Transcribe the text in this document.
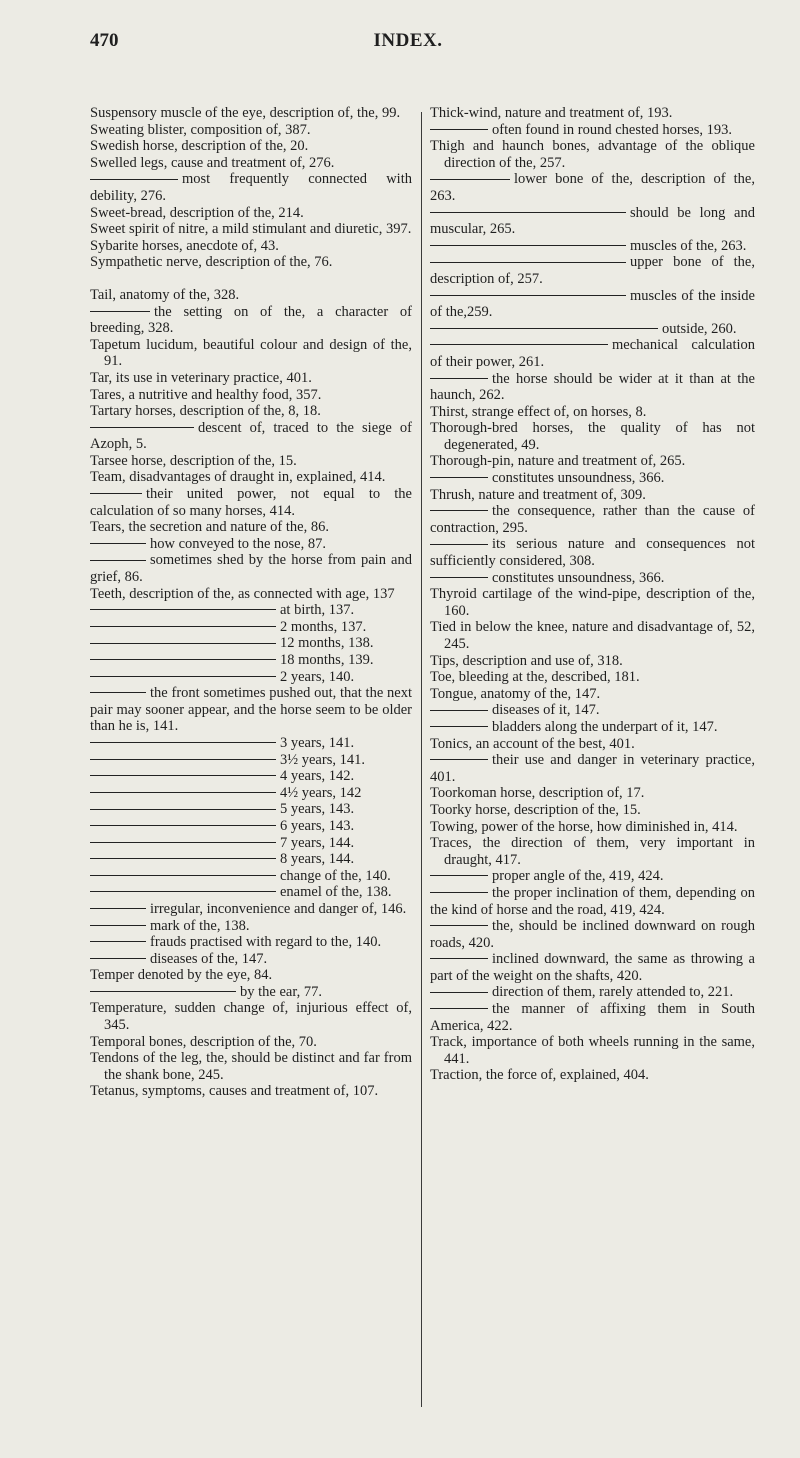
470	INDEX.

Suspensory muscle of the eye, description of, the, 99.

Sweating blister, composition of, 387.

Swedish horse, description of the, 20.

Swelled legs, cause and treatment of, 276.

most frequently connected with debility, 276.

Sweet-bread, description of the, 214.

Sweet spirit of nitre, a mild stimulant and diuretic, 397.

Sybarite horses, anecdote of, 43.

Sympathetic nerve, description of the, 76.

Tail, anatomy of the, 328.

the setting on of the, a character of breeding, 328.

Tapetum lucidum, beautiful colour and design of the, 91.

Tar, its use in veterinary practice, 401.

Tares, a nutritive and healthy food, 357.

Tartary horses, description of the, 8, 18.

descent of, traced to the siege of Azoph, 5.

Tarsee horse, description of the, 15.

Team, disadvantages of draught in, explained, 414.

their united power, not equal to the calculation of so many horses, 414.

Tears, the secretion and nature of the, 86.

how conveyed to the nose, 87.

sometimes shed by the horse from pain and grief, 86.

Teeth, description of the, as connected with age, 137

at birth, 137.

2 months, 137.

12 months, 138.

18 months, 139.

2 years, 140.

the front sometimes pushed out, that the next pair may sooner appear, and the horse seem to be older than he is, 141.

3 years, 141.

3½ years, 141.

4 years, 142.

4½ years, 142

5 years, 143.

6 years, 143.

7 years, 144.

8 years, 144.

change of the, 140.

enamel of the, 138.

irregular, inconvenience and danger of, 146.

mark of the, 138.

frauds practised with regard to the, 140.

diseases of the, 147.

Temper denoted by the eye, 84.

by the ear, 77.

Temperature, sudden change of, injurious effect of, 345.

Temporal bones, description of the, 70.

Tendons of the leg, the, should be distinct and far from the shank bone, 245.

Tetanus, symptoms, causes and treatment of, 107.

Thick-wind, nature and treatment of, 193.

often found in round chested horses, 193.

Thigh and haunch bones, advantage of the oblique direction of the, 257.

lower bone of the, description of the, 263.

should be long and muscular, 265.

muscles of the, 263.

upper bone of the, description of, 257.

muscles of the inside of the,259.

outside, 260.

mechanical calculation of their power, 261.

the horse should be wider at it than at the haunch, 262.

Thirst, strange effect of, on horses, 8.

Thorough-bred horses, the quality of has not degenerated, 49.

Thorough-pin, nature and treatment of, 265.

constitutes unsoundness, 366.

Thrush, nature and treatment of, 309.

the consequence, rather than the cause of contraction, 295.

its serious nature and consequences not sufficiently considered, 308.

constitutes unsoundness, 366.

Thyroid cartilage of the wind-pipe, description of the, 160.

Tied in below the knee, nature and disadvantage of, 52, 245.

Tips, description and use of, 318.

Toe, bleeding at the, described, 181.

Tongue, anatomy of the, 147.

diseases of it, 147.

bladders along the underpart of it, 147.

Tonics, an account of the best, 401.

their use and danger in veterinary practice, 401.

Toorkoman horse, description of, 17.

Toorky horse, description of the, 15.

Towing, power of the horse, how diminished in, 414.

Traces, the direction of them, very important in draught, 417.

proper angle of the, 419, 424.

the proper inclination of them, depending on the kind of horse and the road, 419, 424.

the, should be inclined downward on rough roads, 420.

inclined downward, the same as throwing a part of the weight on the shafts, 420.

direction of them, rarely attended to, 221.

the manner of affixing them in South America, 422.

Track, importance of both wheels running in the same, 441.

Traction, the force of, explained, 404.
